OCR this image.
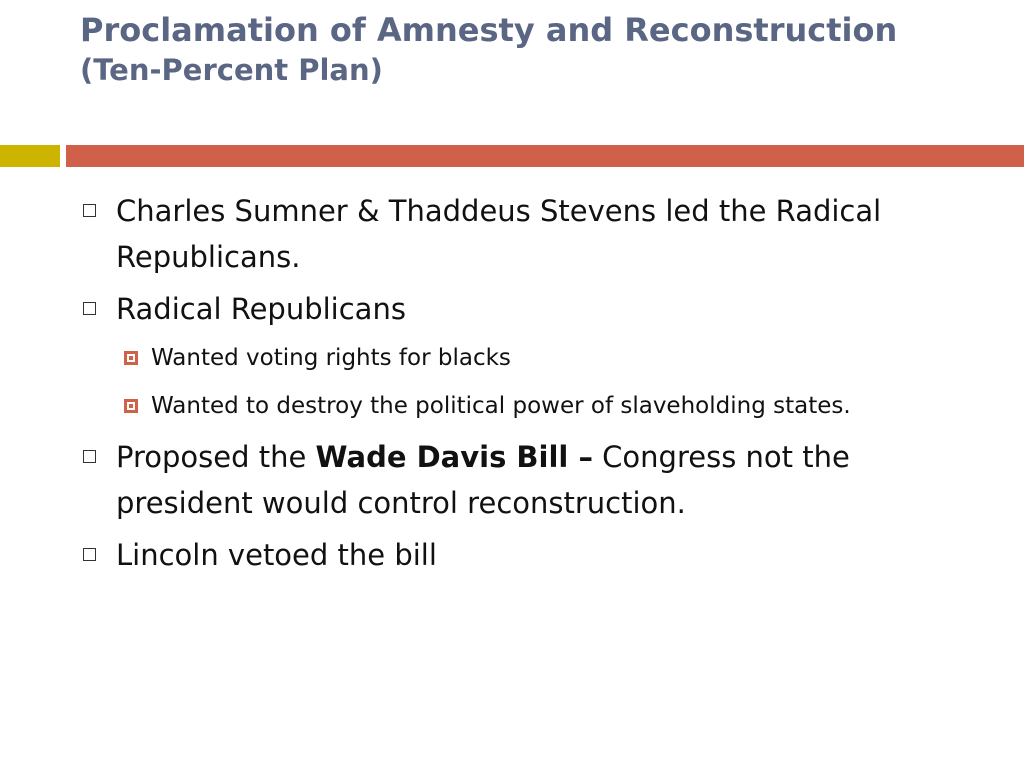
Proclamation of Amnesty and Reconstruction
(Ten-Percent Plan)
Charles Sumner & Thaddeus Stevens led the Radical Republicans.
Radical Republicans
Wanted voting rights for blacks
Wanted to destroy the political power of slaveholding states.
Proposed the Wade Davis Bill – Congress not the president would control reconstruction.
Lincoln vetoed the bill
